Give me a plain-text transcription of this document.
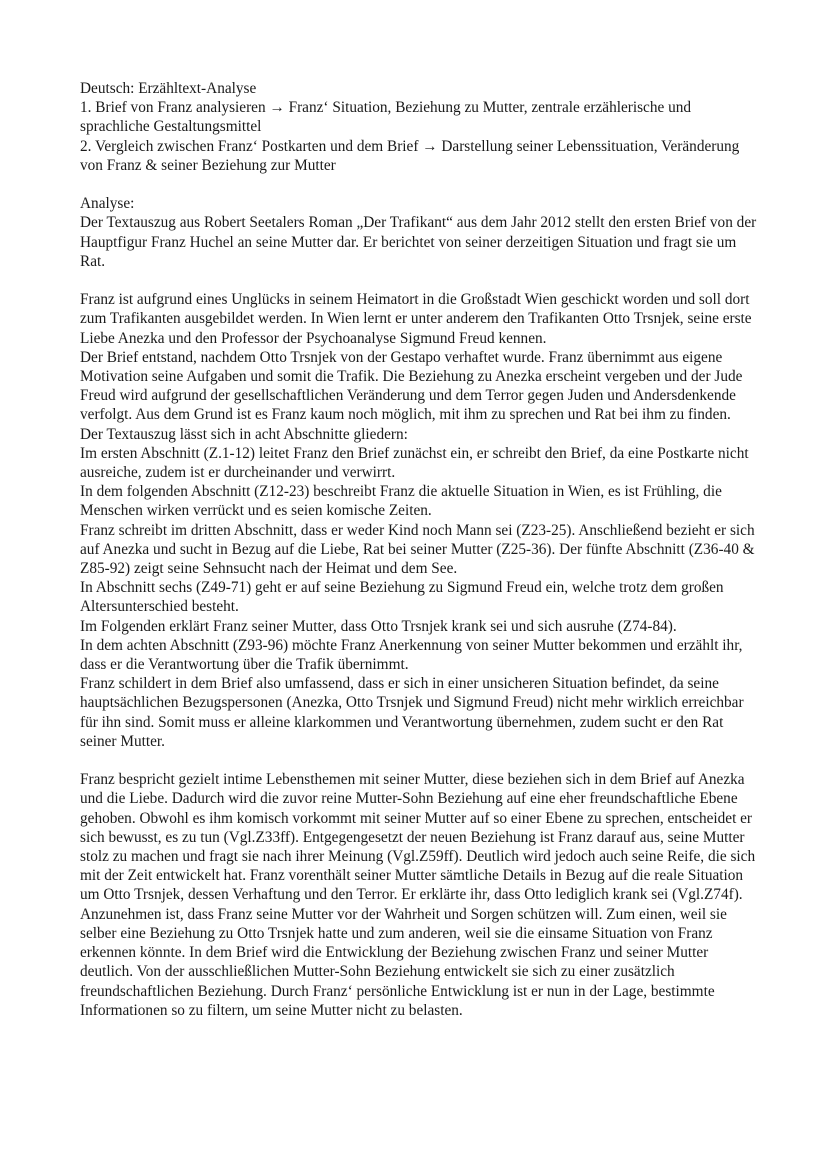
Deutsch: Erzähltext-Analyse

1. Brief von Franz analysieren → Franz‘ Situation, Beziehung zu Mutter, zentrale erzählerische und sprachliche Gestaltungsmittel

2. Vergleich zwischen Franz‘ Postkarten und dem Brief → Darstellung seiner Lebenssituation, Veränderung von Franz & seiner Beziehung zur Mutter

Analyse:

Der Textauszug aus Robert Seetalers Roman „Der Trafikant“ aus dem Jahr 2012 stellt den ersten Brief von der Hauptfigur Franz Huchel an seine Mutter dar. Er berichtet von seiner derzeitigen Situation und fragt sie um Rat.

Franz ist aufgrund eines Unglücks in seinem Heimatort in die Großstadt Wien geschickt worden und soll dort zum Trafikanten ausgebildet werden. In Wien lernt er unter anderem den Trafikanten Otto Trsnjek, seine erste Liebe Anezka und den Professor der Psychoanalyse Sigmund Freud kennen.

Der Brief entstand, nachdem Otto Trsnjek von der Gestapo verhaftet wurde. Franz übernimmt aus eigene Motivation seine Aufgaben und somit die Trafik. Die Beziehung zu Anezka erscheint vergeben und der Jude Freud wird aufgrund der gesellschaftlichen Veränderung und dem Terror gegen Juden und Andersdenkende verfolgt. Aus dem Grund ist es Franz kaum noch möglich, mit ihm zu sprechen und Rat bei ihm zu finden.

Der Textauszug lässt sich in acht Abschnitte gliedern:

Im ersten Abschnitt (Z.1-12) leitet Franz den Brief zunächst ein, er schreibt den Brief, da eine Postkarte nicht ausreiche, zudem ist er durcheinander und verwirrt.

In dem folgenden Abschnitt (Z12-23) beschreibt Franz die aktuelle Situation in Wien, es ist Frühling, die Menschen wirken verrückt und es seien komische Zeiten.

Franz schreibt im dritten Abschnitt, dass er weder Kind noch Mann sei (Z23-25). Anschließend bezieht er sich auf Anezka und sucht in Bezug auf die Liebe, Rat bei seiner Mutter (Z25-36). Der fünfte Abschnitt (Z36-40 & Z85-92) zeigt seine Sehnsucht nach der Heimat und dem See.

In Abschnitt sechs (Z49-71) geht er auf seine Beziehung zu Sigmund Freud ein, welche trotz dem großen Altersunterschied besteht.

Im Folgenden erklärt Franz seiner Mutter, dass Otto Trsnjek krank sei und sich ausruhe (Z74-84).

In dem achten Abschnitt (Z93-96) möchte Franz Anerkennung von seiner Mutter bekommen und erzählt ihr, dass er die Verantwortung über die Trafik übernimmt.

Franz schildert in dem Brief also umfassend, dass er sich in einer unsicheren Situation befindet, da seine hauptsächlichen Bezugspersonen (Anezka, Otto Trsnjek und Sigmund Freud) nicht mehr wirklich erreichbar für ihn sind. Somit muss er alleine klarkommen und Verantwortung übernehmen, zudem sucht er den Rat seiner Mutter.

Franz bespricht gezielt intime Lebensthemen mit seiner Mutter, diese beziehen sich in dem Brief auf Anezka und die Liebe. Dadurch wird die zuvor reine Mutter-Sohn Beziehung auf eine eher freundschaftliche Ebene gehoben. Obwohl es ihm komisch vorkommt mit seiner Mutter auf so einer Ebene zu sprechen, entscheidet er sich bewusst, es zu tun (Vgl.Z33ff). Entgegengesetzt der neuen Beziehung ist Franz darauf aus, seine Mutter stolz zu machen und fragt sie nach ihrer Meinung (Vgl.Z59ff). Deutlich wird jedoch auch seine Reife, die sich mit der Zeit entwickelt hat. Franz vorenthält seiner Mutter sämtliche Details in Bezug auf die reale Situation um Otto Trsnjek, dessen Verhaftung und den Terror. Er erklärte ihr, dass Otto lediglich krank sei (Vgl.Z74f). Anzunehmen ist, dass Franz seine Mutter vor der Wahrheit und Sorgen schützen will. Zum einen, weil sie selber eine Beziehung zu Otto Trsnjek hatte und zum anderen, weil sie die einsame Situation von Franz erkennen könnte. In dem Brief wird die Entwicklung der Beziehung zwischen Franz und seiner Mutter deutlich. Von der ausschließlichen Mutter-Sohn Beziehung entwickelt sie sich zu einer zusätzlich freundschaftlichen Beziehung. Durch Franz‘ persönliche Entwicklung ist er nun in der Lage, bestimmte Informationen so zu filtern, um seine Mutter nicht zu belasten.
